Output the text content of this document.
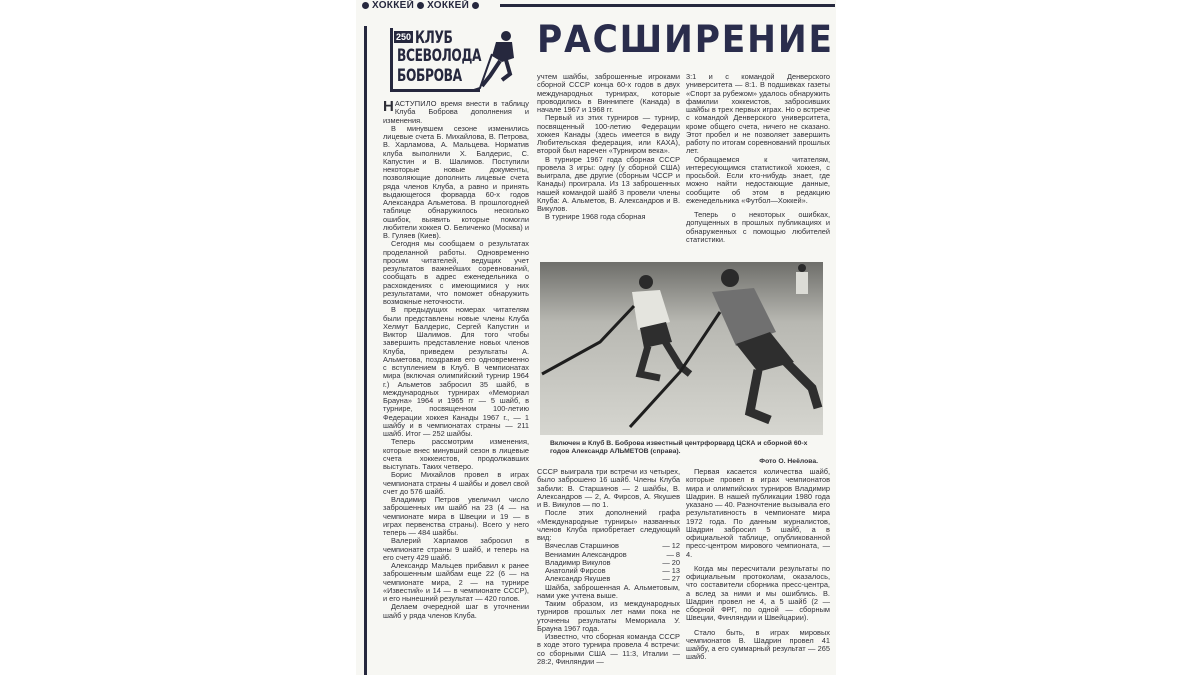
ХОККЕЙ ХОККЕЙ
250 КЛУБ
ВСЕВОЛОДА
БОБРОВА
РАСШИРЕНИЕ

НАСТУПИЛО время внести в таблицу Клуба Боброва дополнения и изменения.

В минувшем сезоне изменились лицевые счета Б. Михайлова, В. Петрова, В. Харламова, А. Мальцева. Норматив клуба выполнили Х. Балдерис, С. Капустин и В. Шалимов. Поступили некоторые новые документы, позволяющие дополнить лицевые счета ряда членов Клуба, а равно и принять выдающегося форварда 60-х годов Александра Альметова. В прошлогодней таблице обнаружилось несколько ошибок, выявить которые помогли любители хоккея О. Беличенко (Москва) и В. Гуляев (Киев).

Сегодня мы сообщаем о результатах проделанной работы. Одновременно просим читателей, ведущих учет результатов важнейших соревнований, сообщать в адрес еженедельника о расхождениях с имеющимися у них результатами, что поможет обнаружить возможные неточности.

В предыдущих номерах читателям были представлены новые члены Клуба Хелмут Балдерис, Сергей Капустин и Виктор Шалимов. Для того чтобы завершить представление новых членов Клуба, приведем результаты А. Альметова, поздравив его одновременно с вступлением в Клуб. В чемпионатах мира (включая олимпийский турнир 1964 г.) Альметов забросил 35 шайб, в международных турнирах «Мемориал Брауна» 1964 и 1965 гг — 5 шайб, в турнире, посвященном 100-летию Федерации хоккея Канады 1967 г., — 1 шайбу и в чемпионатах страны — 211 шайб. Итог — 252 шайбы.

Теперь рассмотрим изменения, которые внес минувший сезон в лицевые счета хоккеистов, продолжавших выступать. Таких четверо.

Борис Михайлов провел в играх чемпионата страны 4 шайбы и довел свой счет до 576 шайб.

Владимир Петров увеличил число заброшенных им шайб на 23 (4 — на чемпионате мира в Швеции и 19 — в играх первенства страны). Всего у него теперь — 484 шайбы.

Валерий Харламов забросил в чемпионате страны 9 шайб, и теперь на его счету 429 шайб.

Александр Мальцев прибавил к ранее заброшенным шайбам еще 22 (6 — на чемпионате мира, 2 — на турнире «Известий» и 14 — в чемпионате СССР), и его нынешний результат — 420 голов.

Делаем очередной шаг в уточнении шайб у ряда членов Клуба.

учтем шайбы, заброшенные игроками сборной СССР конца 60-х годов в двух международных турнирах, которые проводились в Виннипеге (Канада) в начале 1967 и 1968 гг.

Первый из этих турниров — турнир, посвященный 100-летию Федерации хоккея Канады (здесь имеется в виду Любительская федерация, или КАХА), второй был наречен «Турниром века».

В турнире 1967 года сборная СССР провела 3 игры: одну (у сборной США) выиграла, две другие (сборным ЧССР и Канады) проиграла. Из 13 заброшенных нашей командой шайб 3 провели члены Клуба: А. Альметов, В. Александров и В. Викулов.

В турнире 1968 года сборная

3:1 и с командой Денверского университета — 8:1. В подшивках газеты «Спорт за рубежом» удалось обнаружить фамилии хоккеистов, забросивших шайбы в трех первых играх. Но о встрече с командой Денверского университета, кроме общего счета, ничего не сказано. Этот пробел и не позволяет завершить работу по итогам соревнований прошлых лет.

Обращаемся к читателям, интересующимся статистикой хоккея, с просьбой. Если кто-нибудь знает, где можно найти недостающие данные, сообщите об этом в редакцию еженедельника «Футбол—Хоккей».

Теперь о некоторых ошибках, допущенных в прошлых публикациях и обнаруженных с помощью любителей статистики.

Включен в Клуб В. Боброва известный центрфорвард ЦСКА и сборной 60-х годов Александр АЛЬМЕТОВ (справа).
Фото О. Неёлова.

СССР выиграла три встречи из четырех, было заброшено 16 шайб. Члены Клуба забили: В. Старшинов — 2 шайбы, В. Александров — 2, А. Фирсов, А. Якушев и В. Викулов — по 1.

После этих дополнений графа «Международные турниры» названных членов Клуба приобретает следующий вид:

Вячеслав Старшинов	— 12
Вениамин Александров	— 8
Владимир Викулов	— 20
Анатолий Фирсов	— 13
Александр Якушев	— 27

Шайба, заброшенная А. Альметовым, нами уже учтена выше.

Таким образом, из международных турниров прошлых лет нами пока не уточнены результаты Мемориала У. Брауна 1967 года.

Известно, что сборная команда СССР в ходе этого турнира провела 4 встречи: со сборными США — 11:3, Италии — 28:2, Финляндии —

Первая касается количества шайб, которые провел в играх чемпионатов мира и олимпийских турниров Владимир Шадрин. В нашей публикации 1980 года указано — 40. Разночтение вызывала его результативность в чемпионате мира 1972 года. По данным журналистов, Шадрин забросил 5 шайб, а в официальной таблице, опубликованной пресс-центром мирового чемпионата, — 4.

Когда мы пересчитали результаты по официальным протоколам, оказалось, что составители сборника пресс-центра, а вслед за ними и мы ошиблись. В. Шадрин провел не 4, а 5 шайб (2 — сборной ФРГ, по одной — сборным Швеции, Финляндии и Швейцарии).

Стало быть, в играх мировых чемпионатов В. Шадрин провел 41 шайбу, а его суммарный результат — 265 шайб.
